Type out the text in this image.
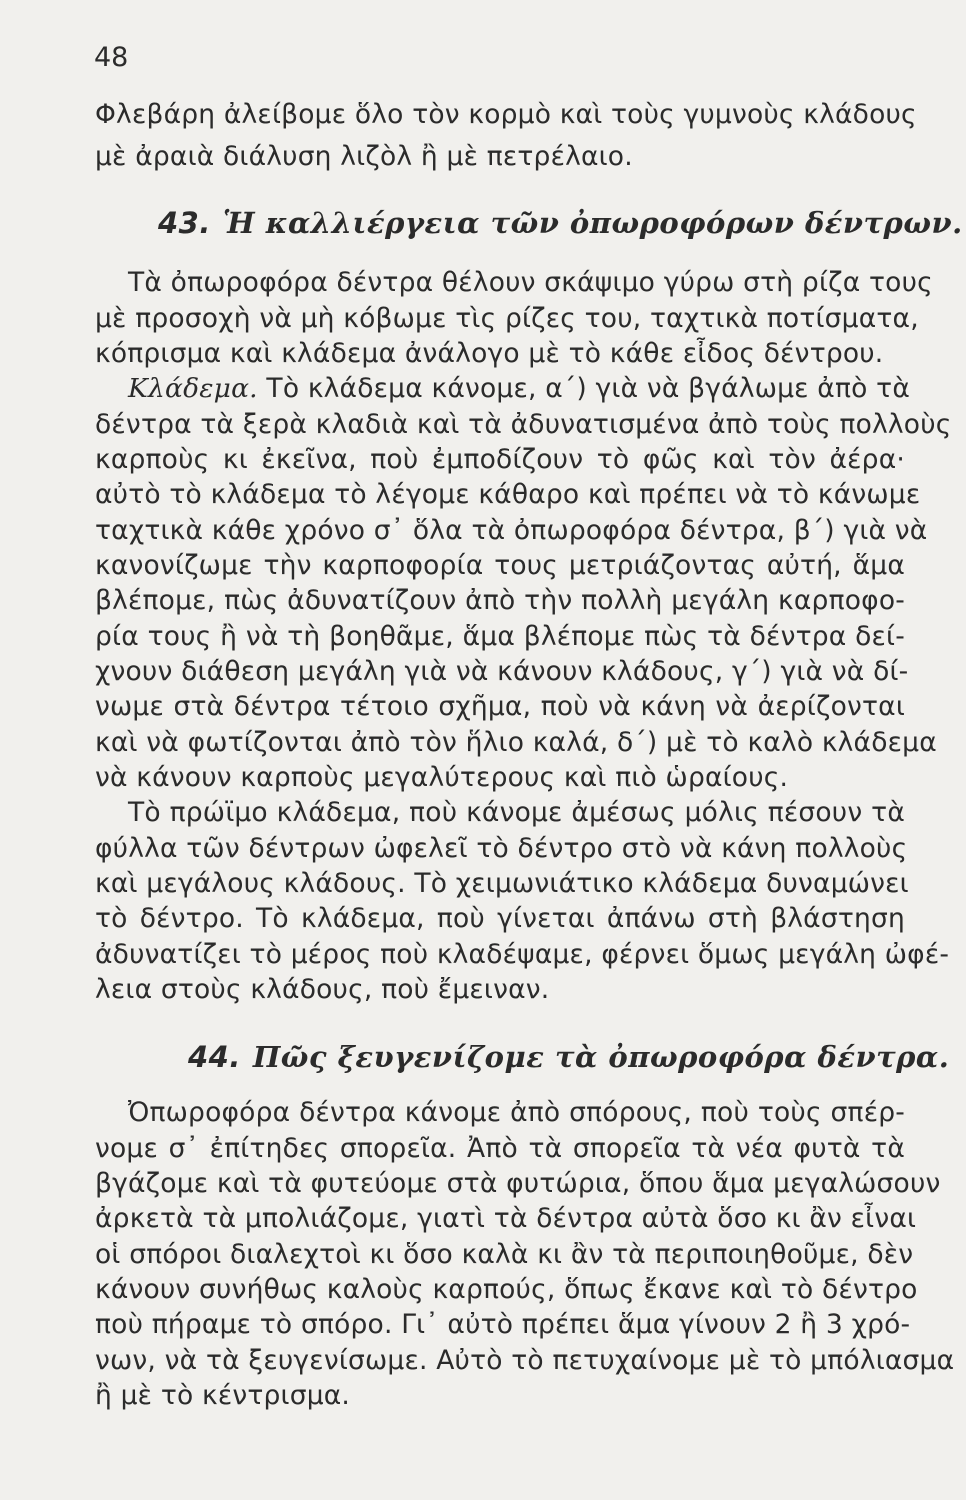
48
Φλεβάρη ἀλείβομε ὅλο τὸν κορμὸ καὶ τοὺς γυμνοὺς κλάδους
μὲ ἀραιὰ διάλυση λιζὸλ ἢ μὲ πετρέλαιο.
43. Ἡ καλλιέργεια τῶν ὀπωροφόρων δέντρων.
Τὰ ὀπωροφόρα δέντρα θέλουν σκάψιμο γύρω στὴ ρίζα τους
μὲ προσοχὴ νὰ μὴ κόβωμε τὶς ρίζες του, ταχτικὰ ποτίσματα,
κόπρισμα καὶ κλάδεμα ἀνάλογο μὲ τὸ κάθε εἶδος δέντρου.
Κλάδεμα. Τὸ κλάδεμα κάνομε, α΄) γιὰ νὰ βγάλωμε ἀπὸ τὰ
δέντρα τὰ ξερὰ κλαδιὰ καὶ τὰ ἀδυνατισμένα ἀπὸ τοὺς πολλοὺς
καρποὺς κι ἐκεῖνα, ποὺ ἐμποδίζουν τὸ φῶς καὶ τὸν ἀέρα·
αὐτὸ τὸ κλάδεμα τὸ λέγομε κάθαρο καὶ πρέπει νὰ τὸ κάνωμε
ταχτικὰ κάθε χρόνο σ᾽ ὅλα τὰ ὀπωροφόρα δέντρα, β΄) γιὰ νὰ
κανονίζωμε τὴν καρποφορία τους μετριάζοντας αὐτή, ἅμα
βλέπομε, πὼς ἀδυνατίζουν ἀπὸ τὴν πολλὴ μεγάλη καρποφο-
ρία τους ἢ νὰ τὴ βοηθᾶμε, ἅμα βλέπομε πὼς τὰ δέντρα δεί-
χνουν διάθεση μεγάλη γιὰ νὰ κάνουν κλάδους, γ΄) γιὰ νὰ δί-
νωμε στὰ δέντρα τέτοιο σχῆμα, ποὺ νὰ κάνη νὰ ἀερίζονται
καὶ νὰ φωτίζονται ἀπὸ τὸν ἥλιο καλά, δ΄) μὲ τὸ καλὸ κλάδεμα
νὰ κάνουν καρποὺς μεγαλύτερους καὶ πιὸ ὡραίους.
Τὸ πρώϊμο κλάδεμα, ποὺ κάνομε ἀμέσως μόλις πέσουν τὰ
φύλλα τῶν δέντρων ὠφελεῖ τὸ δέντρο στὸ νὰ κάνη πολλοὺς
καὶ μεγάλους κλάδους. Τὸ χειμωνιάτικο κλάδεμα δυναμώνει
τὸ δέντρο. Τὸ κλάδεμα, ποὺ γίνεται ἀπάνω στὴ βλάστηση
ἀδυνατίζει τὸ μέρος ποὺ κλαδέψαμε, φέρνει ὅμως μεγάλη ὠφέ-
λεια στοὺς κλάδους, ποὺ ἔμειναν.
44. Πῶς ξευγενίζομε τὰ ὀπωροφόρα δέντρα.
Ὀπωροφόρα δέντρα κάνομε ἀπὸ σπόρους, ποὺ τοὺς σπέρ-
νομε σ᾽ ἐπίτηδες σπορεῖα. Ἀπὸ τὰ σπορεῖα τὰ νέα φυτὰ τὰ
βγάζομε καὶ τὰ φυτεύομε στὰ φυτώρια, ὅπου ἅμα μεγαλώσουν
ἀρκετὰ τὰ μπολιάζομε, γιατὶ τὰ δέντρα αὐτὰ ὅσο κι ἂν εἶναι
οἱ σπόροι διαλεχτοὶ κι ὅσο καλὰ κι ἂν τὰ περιποιηθοῦμε, δὲν
κάνουν συνήθως καλοὺς καρπούς, ὅπως ἔκανε καὶ τὸ δέντρο
ποὺ πήραμε τὸ σπόρο. Γι᾽ αὐτὸ πρέπει ἅμα γίνουν 2 ἢ 3 χρό-
νων, νὰ τὰ ξευγενίσωμε. Αὐτὸ τὸ πετυχαίνομε μὲ τὸ μπόλιασμα
ἢ μὲ τὸ κέντρισμα.
